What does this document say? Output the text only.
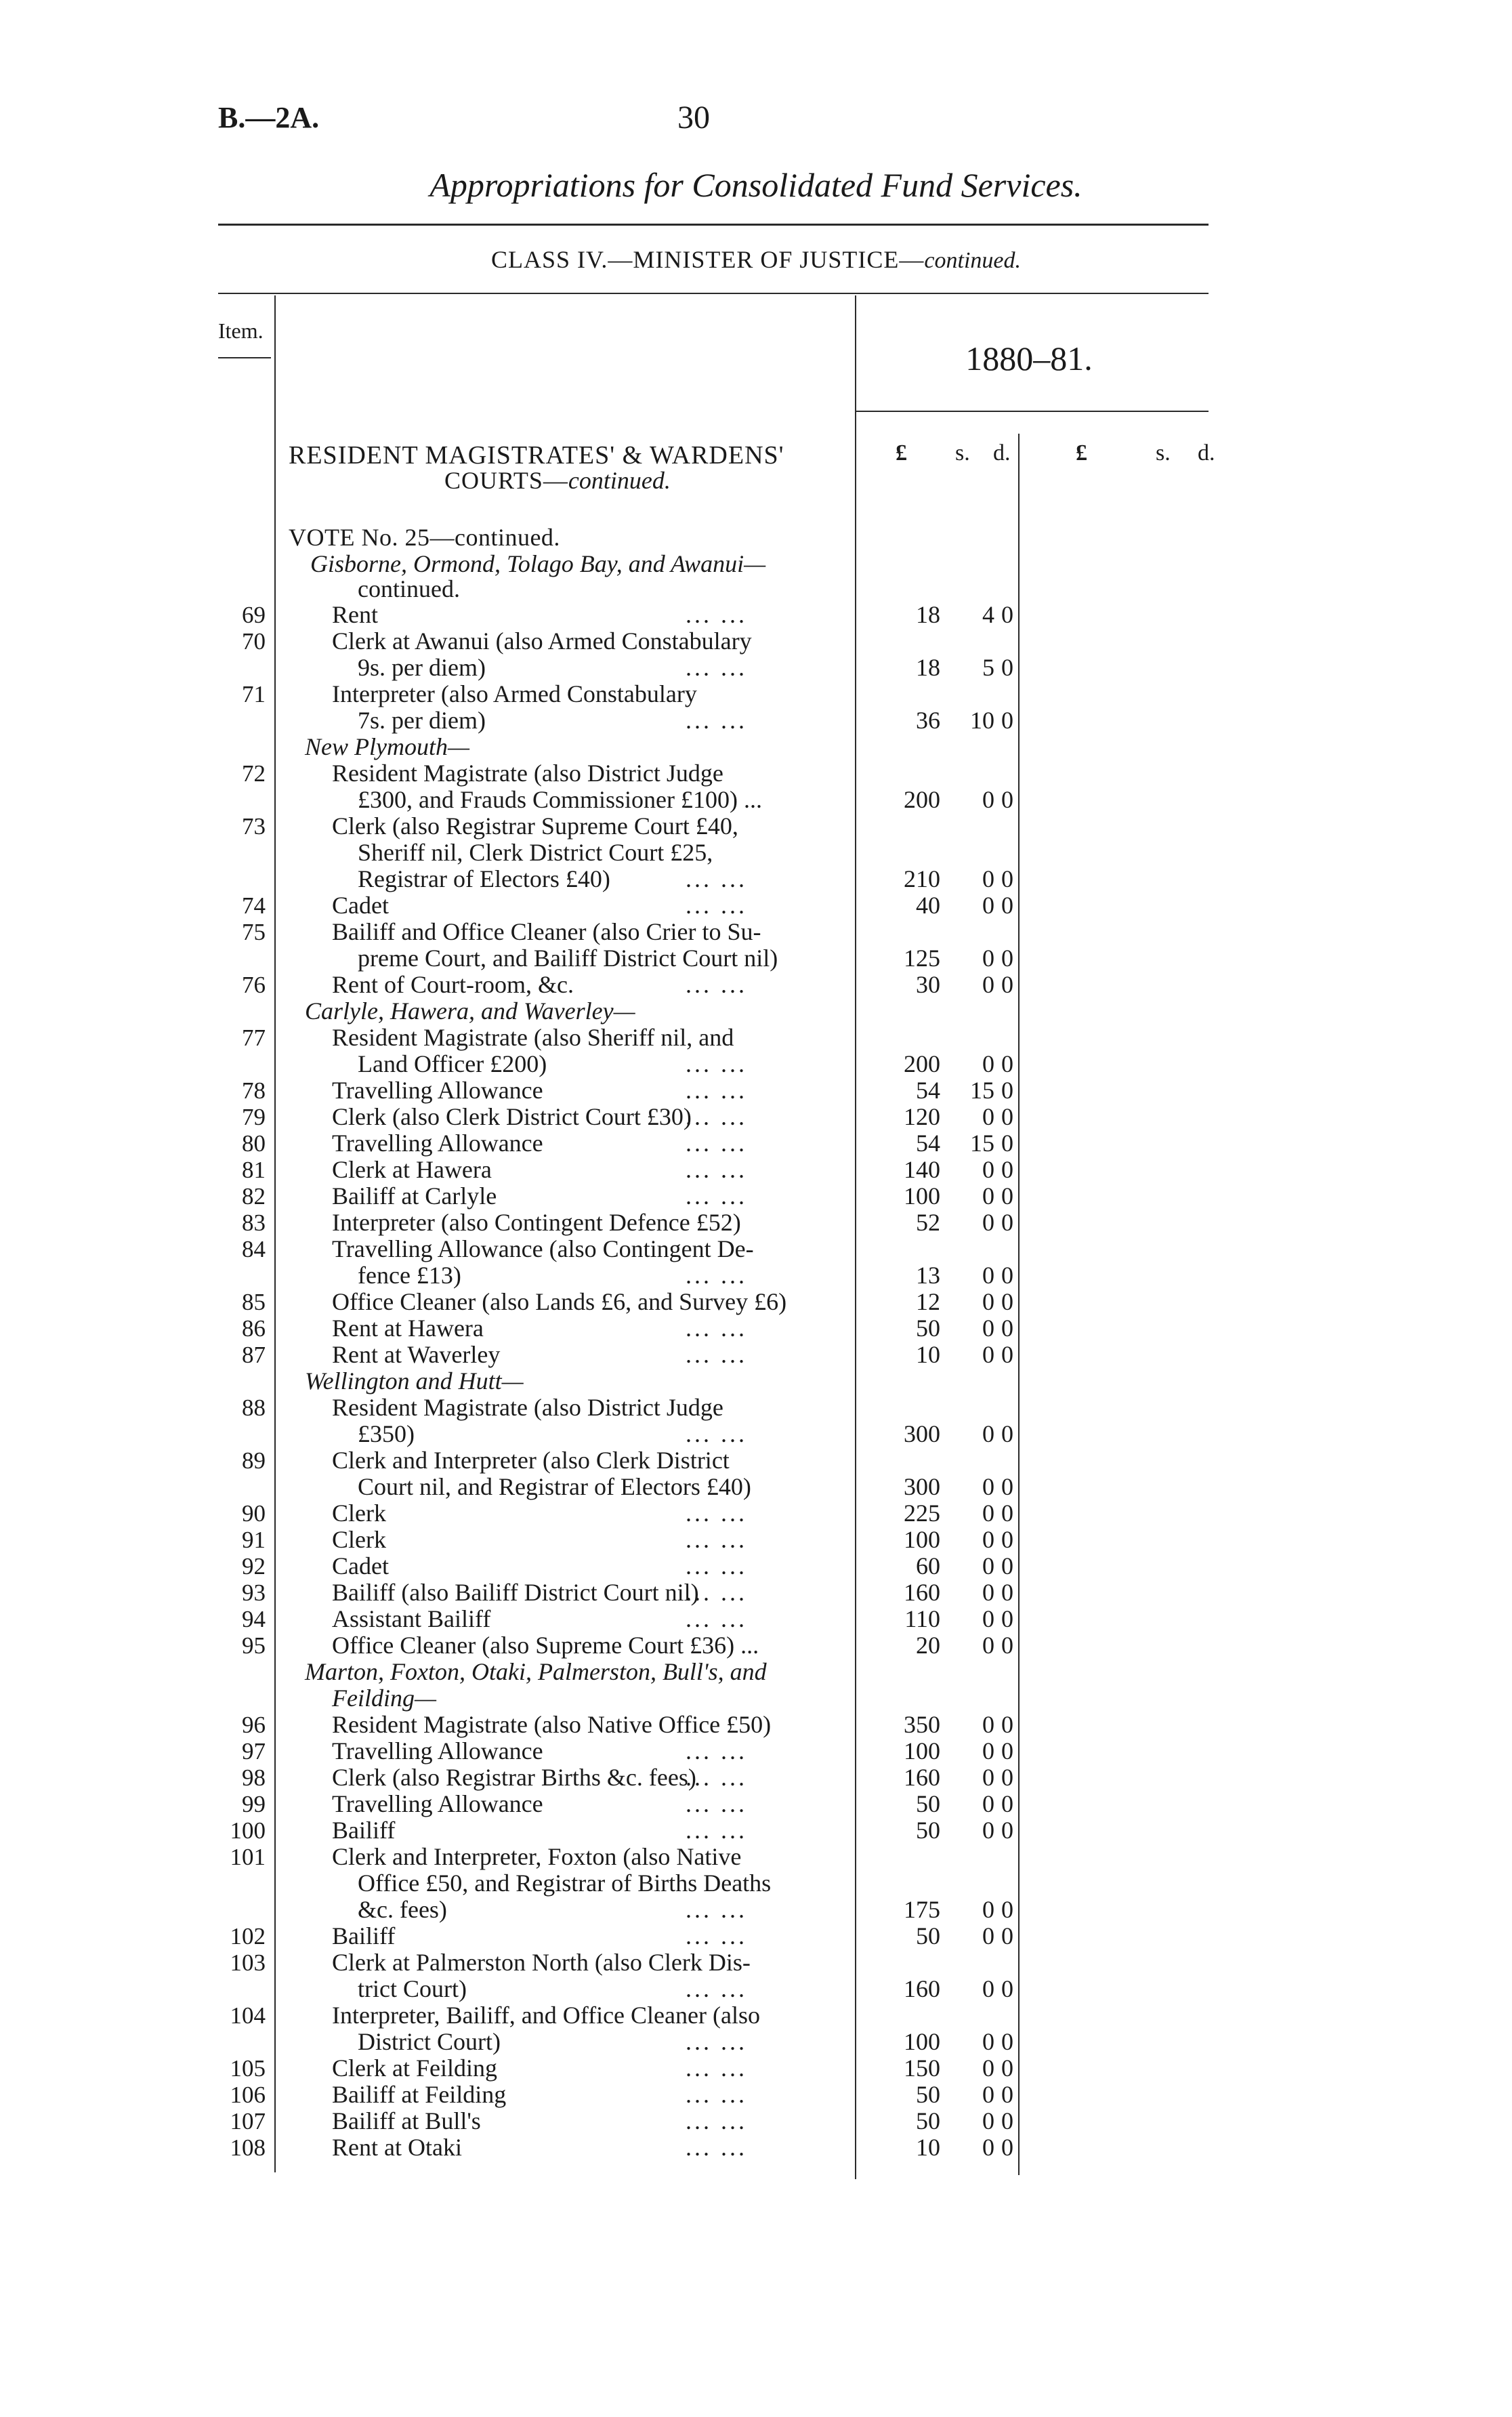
B.—2A.	30
Appropriations for Consolidated Fund Services.
CLASS IV.—MINISTER OF JUSTICE—continued.
Item.
1880–81.
£ s. d.	£	s. d.
RESIDENT MAGISTRATES' & WARDENS'
COURTS—continued.
VOTE No. 25—continued.
Gisborne, Ormond, Tolago Bay, and Awanui—
continued.
69	Rent	... ...	18	4 0
70	Clerk at Awanui (also Armed Constabulary
9s. per diem)	... ...	18	5 0
71	Interpreter (also Armed Constabulary
7s. per diem)	... ...	36	10 0
New Plymouth—
72	Resident Magistrate (also District Judge
£300, and Frauds Commissioner £100) ...	200	0 0
73	Clerk (also Registrar Supreme Court £40,
Sheriff nil, Clerk District Court £25,
Registrar of Electors £40)	... ...	210	0 0
74	Cadet	... ...	40	0 0
75	Bailiff and Office Cleaner (also Crier to Su-
preme Court, and Bailiff District Court nil)	125	0 0
76	Rent of Court-room, &c.	... ...	30	0 0
Carlyle, Hawera, and Waverley—
77	Resident Magistrate (also Sheriff nil, and
Land Officer £200)	... ...	200	0 0
78	Travelling Allowance	... ...	54	15 0
79	Clerk (also Clerk District Court £30)
... ...	120	0 0
80	Travelling Allowance	... ...	54	15 0
81	Clerk at Hawera	... ...	140	0 0
82	Bailiff at Carlyle	... ...	100	0 0
83	Interpreter (also Contingent Defence £52)	52	0 0
84	Travelling Allowance (also Contingent De-
fence £13)	... ...	13	0 0
85	Office Cleaner (also Lands £6, and Survey £6)	12	0 0
86	Rent at Hawera	... ...	50	0 0
87	Rent at Waverley	... ...	10	0 0
Wellington and Hutt—
88	Resident Magistrate (also District Judge
£350)	... ...	300	0 0
89	Clerk and Interpreter (also Clerk District
Court nil, and Registrar of Electors £40)	300	0 0
90	Clerk	... ...	225	0 0
91	Clerk	... ...	100	0 0
92	Cadet	... ...	60	0 0
93	Bailiff (also Bailiff District Court nil)
... ...	160	0 0
94	Assistant Bailiff	... ...	110	0 0
95	Office Cleaner (also Supreme Court £36) ...	20	0 0
Marton, Foxton, Otaki, Palmerston, Bull's, and
Feilding—
96	Resident Magistrate (also Native Office £50)	350	0 0
97	Travelling Allowance	... ...	100	0 0
98	Clerk (also Registrar Births &c. fees)
... ...	160	0 0
99	Travelling Allowance	... ...	50	0 0
100	Bailiff	... ...	50	0 0
101	Clerk and Interpreter, Foxton (also Native
Office £50, and Registrar of Births Deaths
&c. fees)	... ...	175	0 0
102	Bailiff	... ...	50	0 0
103	Clerk at Palmerston North (also Clerk Dis-
trict Court)	... ...	160	0 0
104	Interpreter, Bailiff, and Office Cleaner (also
District Court)	... ...	100	0 0
105	Clerk at Feilding	... ...	150	0 0
106	Bailiff at Feilding	... ...	50	0 0
107	Bailiff at Bull's	... ...	50	0 0
108	Rent at Otaki	... ...	10	0 0
